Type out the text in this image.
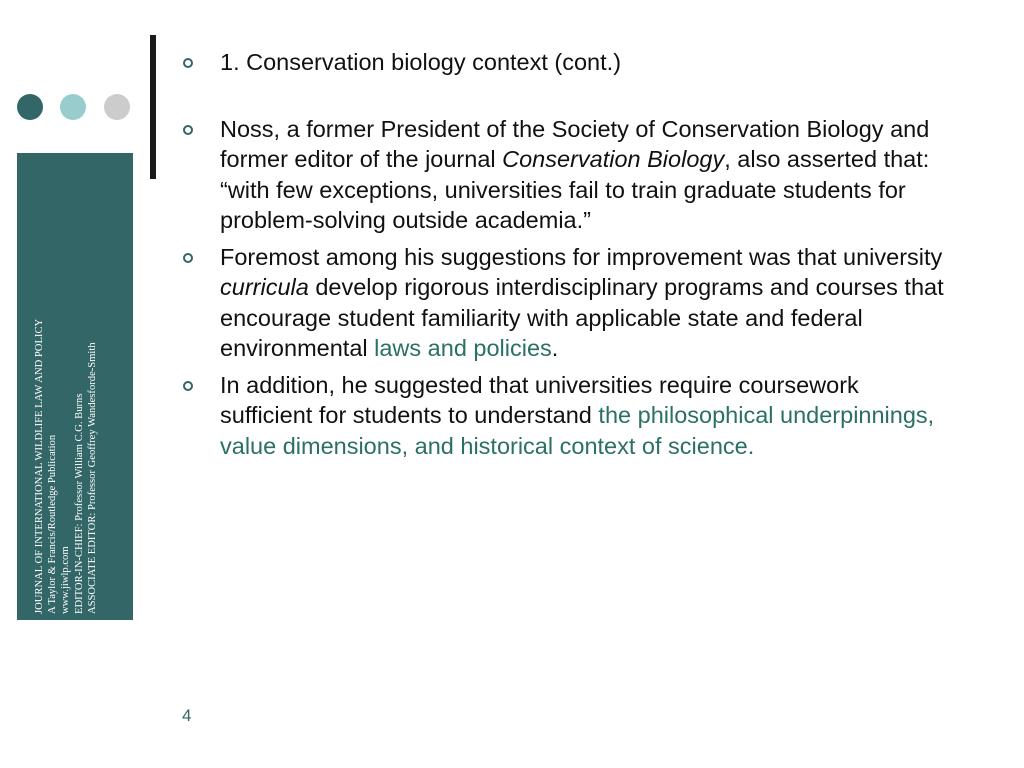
JOURNAL OF INTERNATIONAL WILDLIFE LAW AND POLICY A Taylor & Francis/Routledge Publication www.jiwlp.com EDITOR-IN-CHIEF: Professor William C.G. Burns ASSOCIATE EDITOR: Professor Geoffrey Wandesforde-Smith
1. Conservation biology context (cont.)
Noss, a former President of the Society of Conservation Biology and former editor of the journal Conservation Biology, also asserted that: “with few exceptions, universities fail to train graduate students for problem-solving outside academia.”
Foremost among his suggestions for improvement was that university curricula develop rigorous interdisciplinary programs and courses that encourage student familiarity with applicable state and federal environmental laws and policies.
In addition, he suggested that universities require coursework sufficient for students to understand the philosophical underpinnings, value dimensions, and historical context of science.
4
